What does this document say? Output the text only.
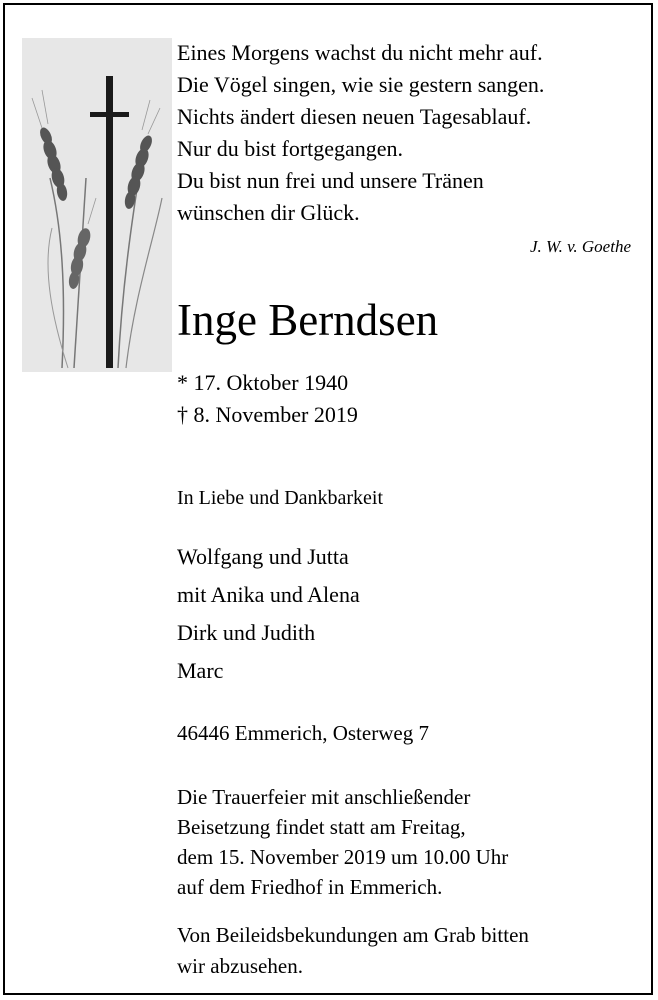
Eines Morgens wachst du nicht mehr auf.
Die Vögel singen, wie sie gestern sangen.
Nichts ändert diesen neuen Tagesablauf.
Nur du bist fortgegangen.
Du bist nun frei und unsere Tränen
wünschen dir Glück.
J. W. v. Goethe
Inge Berndsen
* 17. Oktober 1940
† 8. November 2019
In Liebe und Dankbarkeit
Wolfgang und Jutta
mit Anika und Alena
Dirk und Judith
Marc
46446 Emmerich, Osterweg 7
Die Trauerfeier mit anschließender
Beisetzung findet statt am Freitag,
dem 15. November 2019 um 10.00 Uhr
auf dem Friedhof in Emmerich.
Von Beileidsbekundungen am Grab bitten
wir abzusehen.
